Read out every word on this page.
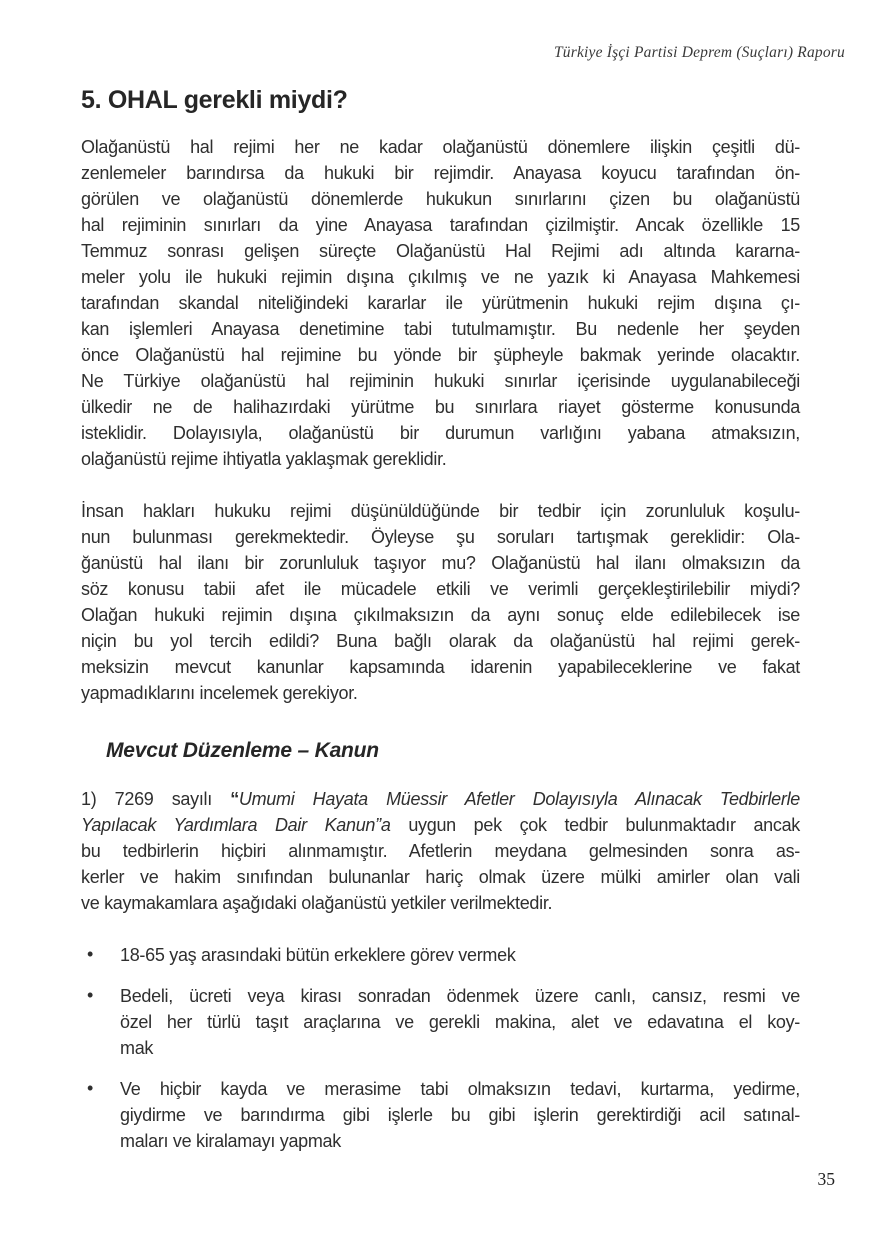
Türkiye İşçi Partisi Deprem (Suçları) Raporu
5. OHAL gerekli miydi?
Olağanüstü hal rejimi her ne kadar olağanüstü dönemlere ilişkin çeşitli dü-
zenlemeler barındırsa da hukuki bir rejimdir. Anayasa koyucu tarafından ön-
görülen ve olağanüstü dönemlerde hukukun sınırlarını çizen bu olağanüstü
hal rejiminin sınırları da yine Anayasa tarafından çizilmiştir. Ancak özellikle 15
Temmuz sonrası gelişen süreçte Olağanüstü Hal Rejimi adı altında kararna-
meler yolu ile hukuki rejimin dışına çıkılmış ve ne yazık ki Anayasa Mahkemesi
tarafından skandal niteliğindeki kararlar ile yürütmenin hukuki rejim dışına çı-
kan işlemleri Anayasa denetimine tabi tutulmamıştır. Bu nedenle her şeyden
önce Olağanüstü hal rejimine bu yönde bir şüpheyle bakmak yerinde olacaktır.
Ne Türkiye olağanüstü hal rejiminin hukuki sınırlar içerisinde uygulanabileceği
ülkedir ne de halihazırdaki yürütme bu sınırlara riayet gösterme konusunda
isteklidir. Dolayısıyla, olağanüstü bir durumun varlığını yabana atmaksızın,
olağanüstü rejime ihtiyatla yaklaşmak gereklidir.
İnsan hakları hukuku rejimi düşünüldüğünde bir tedbir için zorunluluk koşulu-
nun bulunması gerekmektedir. Öyleyse şu soruları tartışmak gereklidir: Ola-
ğanüstü hal ilanı bir zorunluluk taşıyor mu? Olağanüstü hal ilanı olmaksızın da
söz konusu tabii afet ile mücadele etkili ve verimli gerçekleştirilebilir miydi?
Olağan hukuki rejimin dışına çıkılmaksızın da aynı sonuç elde edilebilecek ise
niçin bu yol tercih edildi? Buna bağlı olarak da olağanüstü hal rejimi gerek-
meksizin mevcut kanunlar kapsamında idarenin yapabileceklerine ve fakat
yapmadıklarını incelemek gerekiyor.
Mevcut Düzenleme – Kanun
1) 7269 sayılı “Umumi Hayata Müessir Afetler Dolayısıyla Alınacak Tedbirlerle
Yapılacak Yardımlara Dair Kanun”a uygun pek çok tedbir bulunmaktadır ancak
bu tedbirlerin hiçbiri alınmamıştır. Afetlerin meydana gelmesinden sonra as-
kerler ve hakim sınıfından bulunanlar hariç olmak üzere mülki amirler olan vali
ve kaymakamlara aşağıdaki olağanüstü yetkiler verilmektedir.
• 18-65 yaş arasındaki bütün erkeklere görev vermek
• Bedeli, ücreti veya kirası sonradan ödenmek üzere canlı, cansız, resmi ve
özel her türlü taşıt araçlarına ve gerekli makina, alet ve edavatına el koy-
mak
• Ve hiçbir kayda ve merasime tabi olmaksızın tedavi, kurtarma, yedirme,
giydirme ve barındırma gibi işlerle bu gibi işlerin gerektirdiği acil satınal-
maları ve kiralamayı yapmak
35
